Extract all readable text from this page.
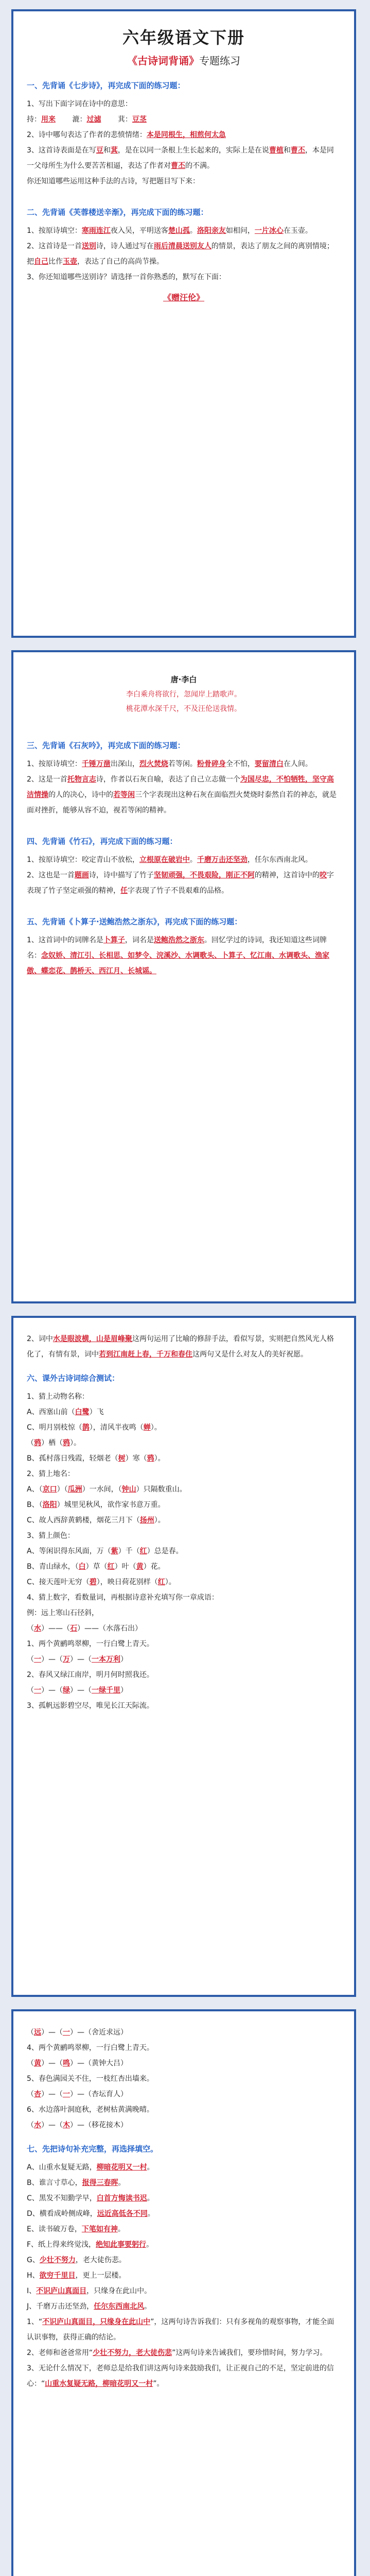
六年级语文下册
《古诗词背诵》专题练习
一、先背诵《七步诗》，再完成下面的练习题：

1、写出下面字词在诗中的意思：

持：用来　　 漉：过滤　　 萁：豆茎

2、诗中哪句表达了作者的悲愤情绪：本是同根生，相煎何太急

3、这首诗表面是在写豆和萁，是在以同一条根上生长起来的，实际上是在说曹植和曹丕，本是同一父母所生为什么要苦苦相逼，表达了作者对曹丕的不满。

你还知道哪些运用这种手法的古诗，写把题目写下来：

二、先背诵《芙蓉楼送辛渐》，再完成下面的练习题：

1、按原诗填空：寒雨连江夜入吴，平明送客楚山孤。洛阳亲友如相问，一片冰心在玉壶。

2、这首诗是一首送别诗，诗人通过写在雨后清晨送别友人的情景，表达了朋友之间的离别情境；把自己比作玉壶，表达了自己的高尚节操。

3、你还知道哪些送别诗？请选择一首你熟悉的，默写在下面：

《赠汪伦》
唐·李白
李白乘舟将欲行，忽闻岸上踏歌声。
桃花潭水深千尺，不及汪伦送我情。
三、先背诵《石灰吟》，再完成下面的练习题：

1、按原诗填空：千锤万凿出深山，烈火焚烧若等闲。粉骨碎身全不怕，要留清白在人间。

2、这是一首托物言志诗，作者以石灰自喻，表达了自己立志做一个为国尽忠，不怕牺牲，坚守高洁情操的人的决心，诗中的若等闲三个字表现出这种石灰在面临烈火焚烧时泰然自若的神态，就是面对挫折，能够从容不迫，视若等闲的精神。

四、先背诵《竹石》，再完成下面的练习题：

1、按原诗填空：咬定青山不放松，立根原在破岩中。千磨万击还坚劲，任尔东西南北风。

2、这也是一首题画诗，诗中描写了竹子坚韧顽强，不畏艰险，刚正不阿的精神，这首诗中的咬字表现了竹子坚定顽强的精神，任字表现了竹子不畏艰难的品格。

五、先背诵《卜算子·送鲍浩然之浙东》，再完成下面的练习题：

1、这首词中的词牌名是卜算子，词名是送鲍浩然之浙东。回忆学过的诗词，我还知道这些词牌名：念奴娇、清江引、长相思、如梦令、浣溪沙、水调歌头、卜算子、忆江南、水调歌头、渔家傲、蝶恋花、鹊桥天、西江月、长城谣。

2、词中水是眼波横，山是眉峰聚这两句运用了比喻的修辞手法，看似写景，实则把自然风光人格化了，有情有景，词中若到江南赶上春，千万和春住这两句又是什么对友人的美好祝愿。

六、课外古诗词综合测试：

1、猜上动物名称：

A、西塞山前（白鹭）飞

C、明月别枝惊（鹊），清风半夜鸣（蝉）。

（鸦）栖（鸦）。

B、孤村落日残霞，轻烟老（树）寒（鸦）。

2、猜上地名：

A、（京口）（瓜洲）一水间，（钟山）只隔数重山。

B、（洛阳）城里见秋风，欲作家书意万重。

C、故人西辞黄鹤楼，烟花三月下（扬州）。

3、猜上颜色：

A、等闲识得东风面，万（紫）千（红）总是春。

B、青山绿水，（白）草（红）叶（黄）花。

C、接天莲叶无穷（碧），映日荷花别样（红）。

4、猜上数字，看数量词，再根据诗意补充填写你一章成语：

例：远上寒山石径斜，

（水）——（石）——（水落石出）

1、两个黄鹂鸣翠柳，一行白鹭上青天。

（一）—（万）—（一本万利）

2、春风又绿江南岸，明月何时照我还。

（一）—（绿）—（一绿千里）

3、孤帆远影碧空尽，唯见长江天际流。

（远）—（一）—（舍近求远）

4、两个黄鹂鸣翠柳，一行白鹭上青天。

（黄）—（鸣）—（黄钟大吕）

5、春色满园关不住，一枝红杏出墙来。

（杏）—（一）—（杏坛育人）

6、水边落叶洞庭秋，老树枯黄满晚晴。

（水）—（木）—（移花接木）

七、先把诗句补充完整，再选择填空。

A、山重水复疑无路，柳暗花明又一村。

B、谁言寸草心，报得三春晖。

C、黑发不知勤学早，白首方悔读书迟。

D、横看成岭侧成峰，远近高低各不同。

E、读书破万卷，下笔如有神。

F、纸上得来终觉浅，绝知此事要躬行。

G、少壮不努力，老大徒伤悲。

H、欲穷千里目，更上一层楼。

I、不识庐山真面目，只缘身在此山中。

J、千磨万击还坚劲，任尔东西南北风。

1、“不识庐山真面目，只缘身在此山中”，这两句诗告诉我们：只有多视角的观察事物，才能全面认识事物，获得正确的结论。

2、老师和爸爸常用“少壮不努力，老大徒伤悲”这两句诗来告诫我们，要珍惜时间，努力学习。

3、无论什么情况下，老师总是给我们讲这两句诗来鼓励我们，让正视自己的不足，坚定前进的信心：“山重水复疑无路，柳暗花明又一村”。
